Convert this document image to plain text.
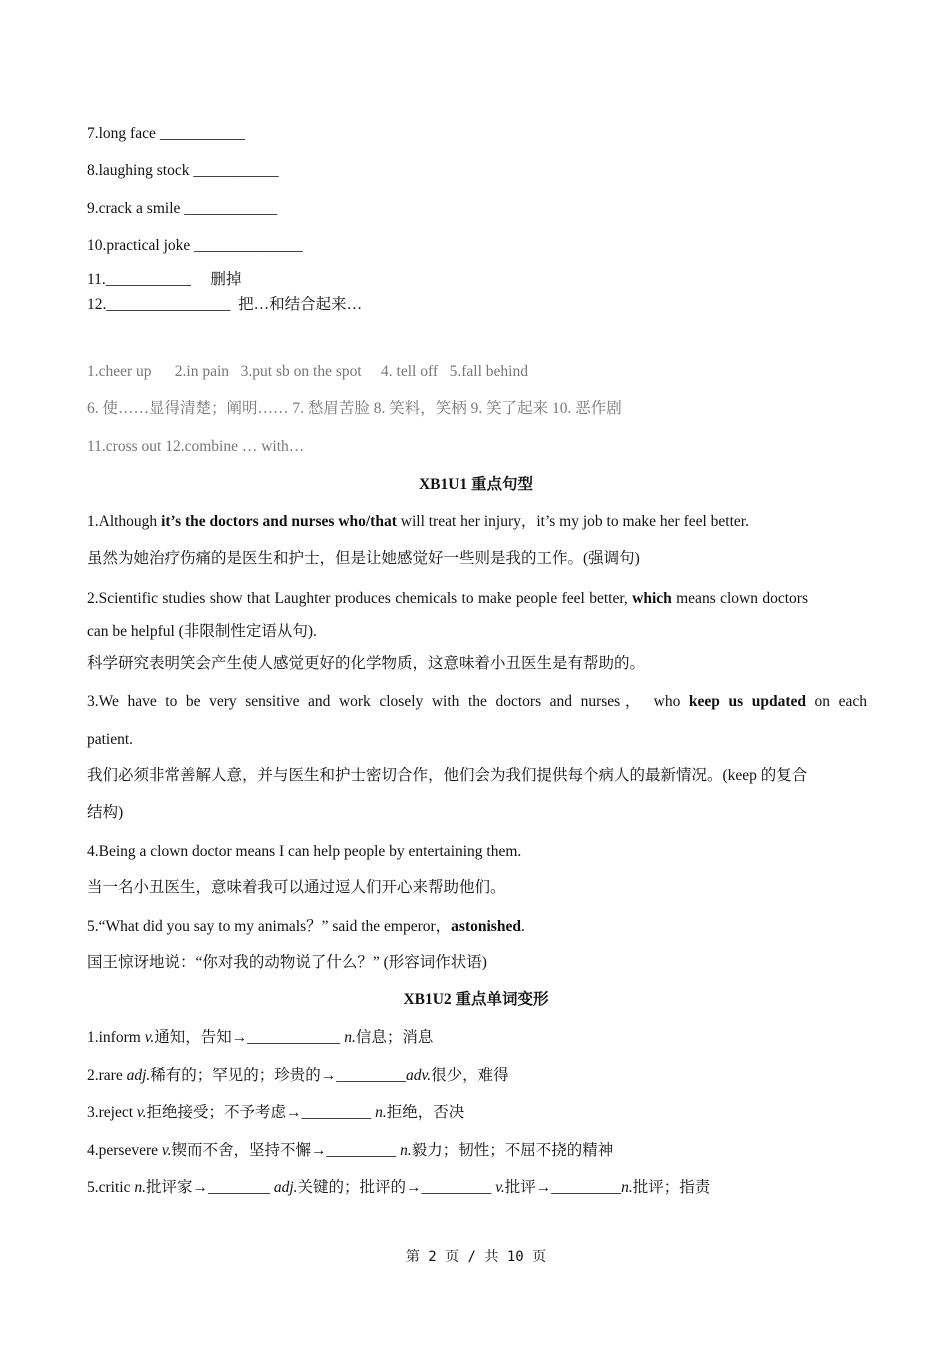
7.long face ___________
8.laughing stock ___________
9.crack a smile ____________
10.practical joke ______________
11.___________     删掉
12.________________  把…和结合起来…
1.cheer up      2.in pain   3.put sb on the spot     4. tell off   5.fall behind
6. 使……显得清楚；阐明…… 7. 愁眉苦脸 8. 笑料，笑柄 9. 笑了起来 10. 恶作剧
11.cross out 12.combine … with…
XB1U1 重点句型
1.Although it’s the doctors and nurses who/that will treat her injury，it’s my job to make her feel better.
虽然为她治疗伤痛的是医生和护士，但是让她感觉好一些则是我的工作。(强调句)
2.Scientific studies show that Laughter produces chemicals to make people feel better, which means clown doctors
can be helpful (非限制性定语从句).
科学研究表明笑会产生使人感觉更好的化学物质，这意味着小丑医生是有帮助的。
3.We have to be very sensitive and work closely with the doctors and nurses， who keep us updated on each
patient.
我们必须非常善解人意，并与医生和护士密切合作，他们会为我们提供每个病人的最新情况。(keep 的复合
结构)
4.Being a clown doctor means I can help people by entertaining them.
当一名小丑医生，意味着我可以通过逗人们开心来帮助他们。
5.“What did you say to my animals？” said the emperor，astonished.
国王惊讶地说：“你对我的动物说了什么？” (形容词作状语)
XB1U2 重点单词变形
1.inform v.通知，告知→____________ n.信息；消息
2.rare adj.稀有的；罕见的；珍贵的→_________adv.很少，难得
3.reject v.拒绝接受；不予考虑→_________ n.拒绝，否决
4.persevere v.锲而不舍，坚持不懈→_________ n.毅力；韧性；不屈不挠的精神
5.critic n.批评家→________ adj.关键的；批评的→_________ v.批评→_________n.批评；指责
第 2 页 / 共 10 页
